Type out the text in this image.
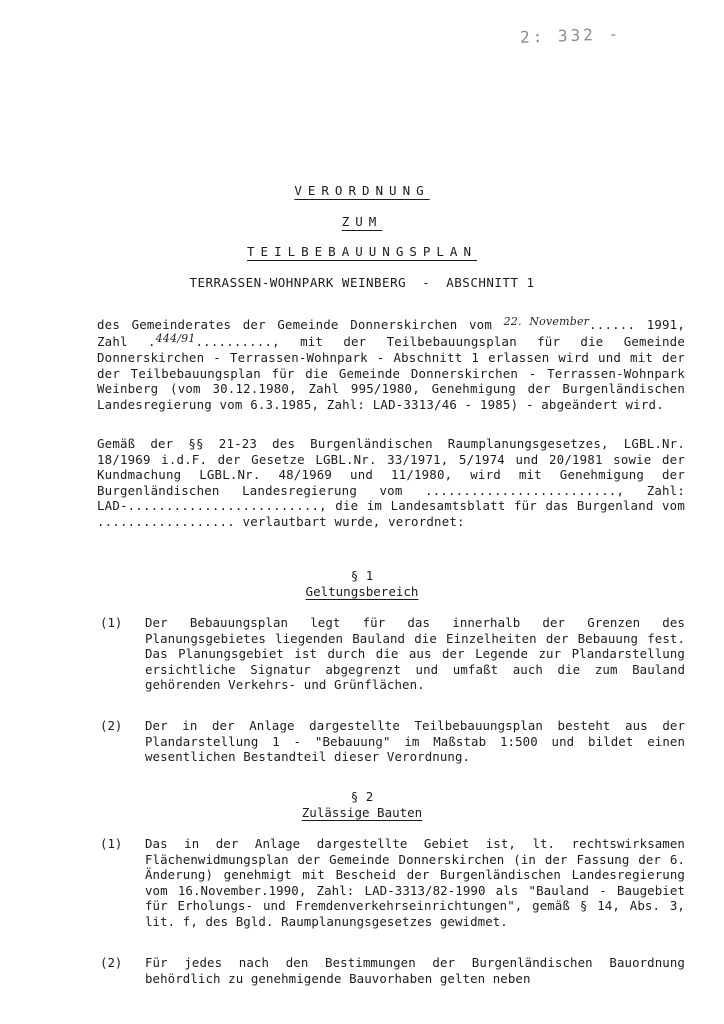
2: 332 -
VERORDNUNG
ZUM
TEILBEBAUUNGSPLAN
TERRASSEN-WOHNPARK WEINBERG  -  ABSCHNITT 1

des Gemeinderates der Gemeinde Donnerskirchen vom 22. November...... 1991, Zahl .444/91.........., mit der Teilbebauungsplan für die Gemeinde Donnerskirchen - Terrassen-Wohnpark - Abschnitt 1 erlassen wird und mit der der Teilbebauungsplan für die Gemeinde Donnerskirchen - Terrassen-Wohnpark Weinberg (vom 30.12.1980, Zahl 995/1980, Genehmigung der Burgenländischen Landesregierung vom 6.3.1985, Zahl: LAD-3313/46 - 1985) - abgeändert wird.

Gemäß der §§ 21-23 des Burgenländischen Raumplanungsgesetzes, LGBL.Nr. 18/1969 i.d.F. der Gesetze LGBL.Nr. 33/1971, 5/1974 und 20/1981 sowie der Kundmachung LGBL.Nr. 48/1969 und 11/1980, wird mit Genehmigung der Burgenländischen Landesregierung vom ........................., Zahl: LAD-........................., die im Landesamtsblatt für das Burgenland vom .................. verlautbart wurde, verordnet:

§ 1
Geltungsbereich
(1) Der Bebauungsplan legt für das innerhalb der Grenzen des Planungsgebietes liegenden Bauland die Einzelheiten der Bebauung fest. Das Planungsgebiet ist durch die aus der Legende zur Plandarstellung ersichtliche Signatur abgegrenzt und umfaßt auch die zum Bauland gehörenden Verkehrs- und Grünflächen.

(2) Der in der Anlage dargestellte Teilbebauungsplan besteht aus der Plandarstellung 1 - "Bebauung" im Maßstab 1:500 und bildet einen wesentlichen Bestandteil dieser Verordnung.

§ 2
Zulässige Bauten
(1) Das in der Anlage dargestellte Gebiet ist, lt. rechtswirksamen Flächenwidmungsplan der Gemeinde Donnerskirchen (in der Fassung der 6. Änderung) genehmigt mit Bescheid der Burgenländischen Landesregierung vom 16.November.1990, Zahl: LAD-3313/82-1990 als "Bauland - Baugebiet für Erholungs- und Fremdenverkehrseinrichtungen", gemäß § 14, Abs. 3, lit. f, des Bgld. Raumplanungsgesetzes gewidmet.

(2) Für jedes nach den Bestimmungen der Burgenländischen Bauordnung behördlich zu genehmigende Bauvorhaben gelten neben
